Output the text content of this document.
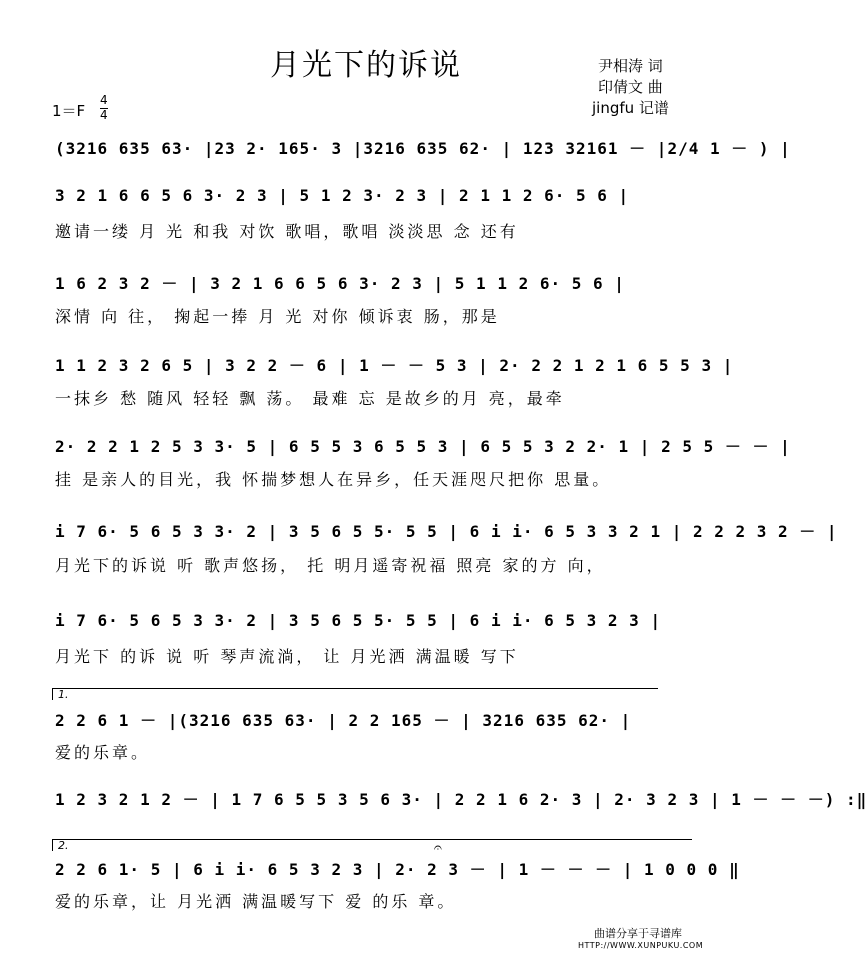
月光下的诉说	尹相涛 词
印倩文 曲
jingfu 记谱
1＝F
4
4
(3216 635 63· |23 2· 165· 3 |3216 635 62· | 123 32161 － |2/4 1 － ) |
3 2 1 6 6 5 6 3· 2 3 | 5 1 2 3· 2 3 | 2 1 1 2 6· 5 6 |
邀请一缕 月 光 和我 对饮 歌唱，歌唱 淡淡思 念 还有
1 6 2 3 2 － | 3 2 1 6 6 5 6 3· 2 3 | 5 1 1 2 6· 5 6 |
深情 向 往， 掬起一捧 月 光 对你 倾诉衷 肠，那是
1 1 2 3 2 6 5 | 3 2 2 － 6 | 1 － － 5 3 | 2· 2 2 1 2 1 6 5 5 3 |
一抹乡 愁 随风 轻轻 飘 荡。 最难 忘 是故乡的月 亮，最牵
2· 2 2 1 2 5 3 3· 5 | 6 5 5 3 6 5 5 3 | 6 5 5 3 2 2· 1 | 2 5 5 － － |
挂 是亲人的目光，我 怀揣梦想人在异乡，任天涯咫尺把你 思量。
i 7 6· 5 6 5 3 3· 2 | 3 5 6 5 5· 5 5 | 6 i i· 6 5 3 3 2 1 | 2 2 2 3 2 － |
月光下的诉说 听 歌声悠扬， 托 明月遥寄祝福 照亮 家的方 向，
i 7 6· 5 6 5 3 3· 2 | 3 5 6 5 5· 5 5 | 6 i i· 6 5 3 2 3 |
月光下 的诉 说 听 琴声流淌， 让 月光洒 满温暖 写下
1.
2 2 6 1 － |(3216 635 63· | 2 2 165 － | 3216 635 62· |
爱的乐章。
1 2 3 2 1 2 － | 1 7 6 5 5 3 5 6 3· | 2 2 1 6 2· 3 | 2· 3 2 3 | 1 － － －) :‖
2.	𝄐
2 2 6 1· 5 | 6 i i· 6 5 3 2 3 | 2· 2 3 － | 1 － － － | 1 0 0 0 ‖
爱的乐章，让 月光洒 满温暖写下 爱 的乐 章。
曲谱分享于寻谱库
HTTP://WWW.XUNPUKU.COM
